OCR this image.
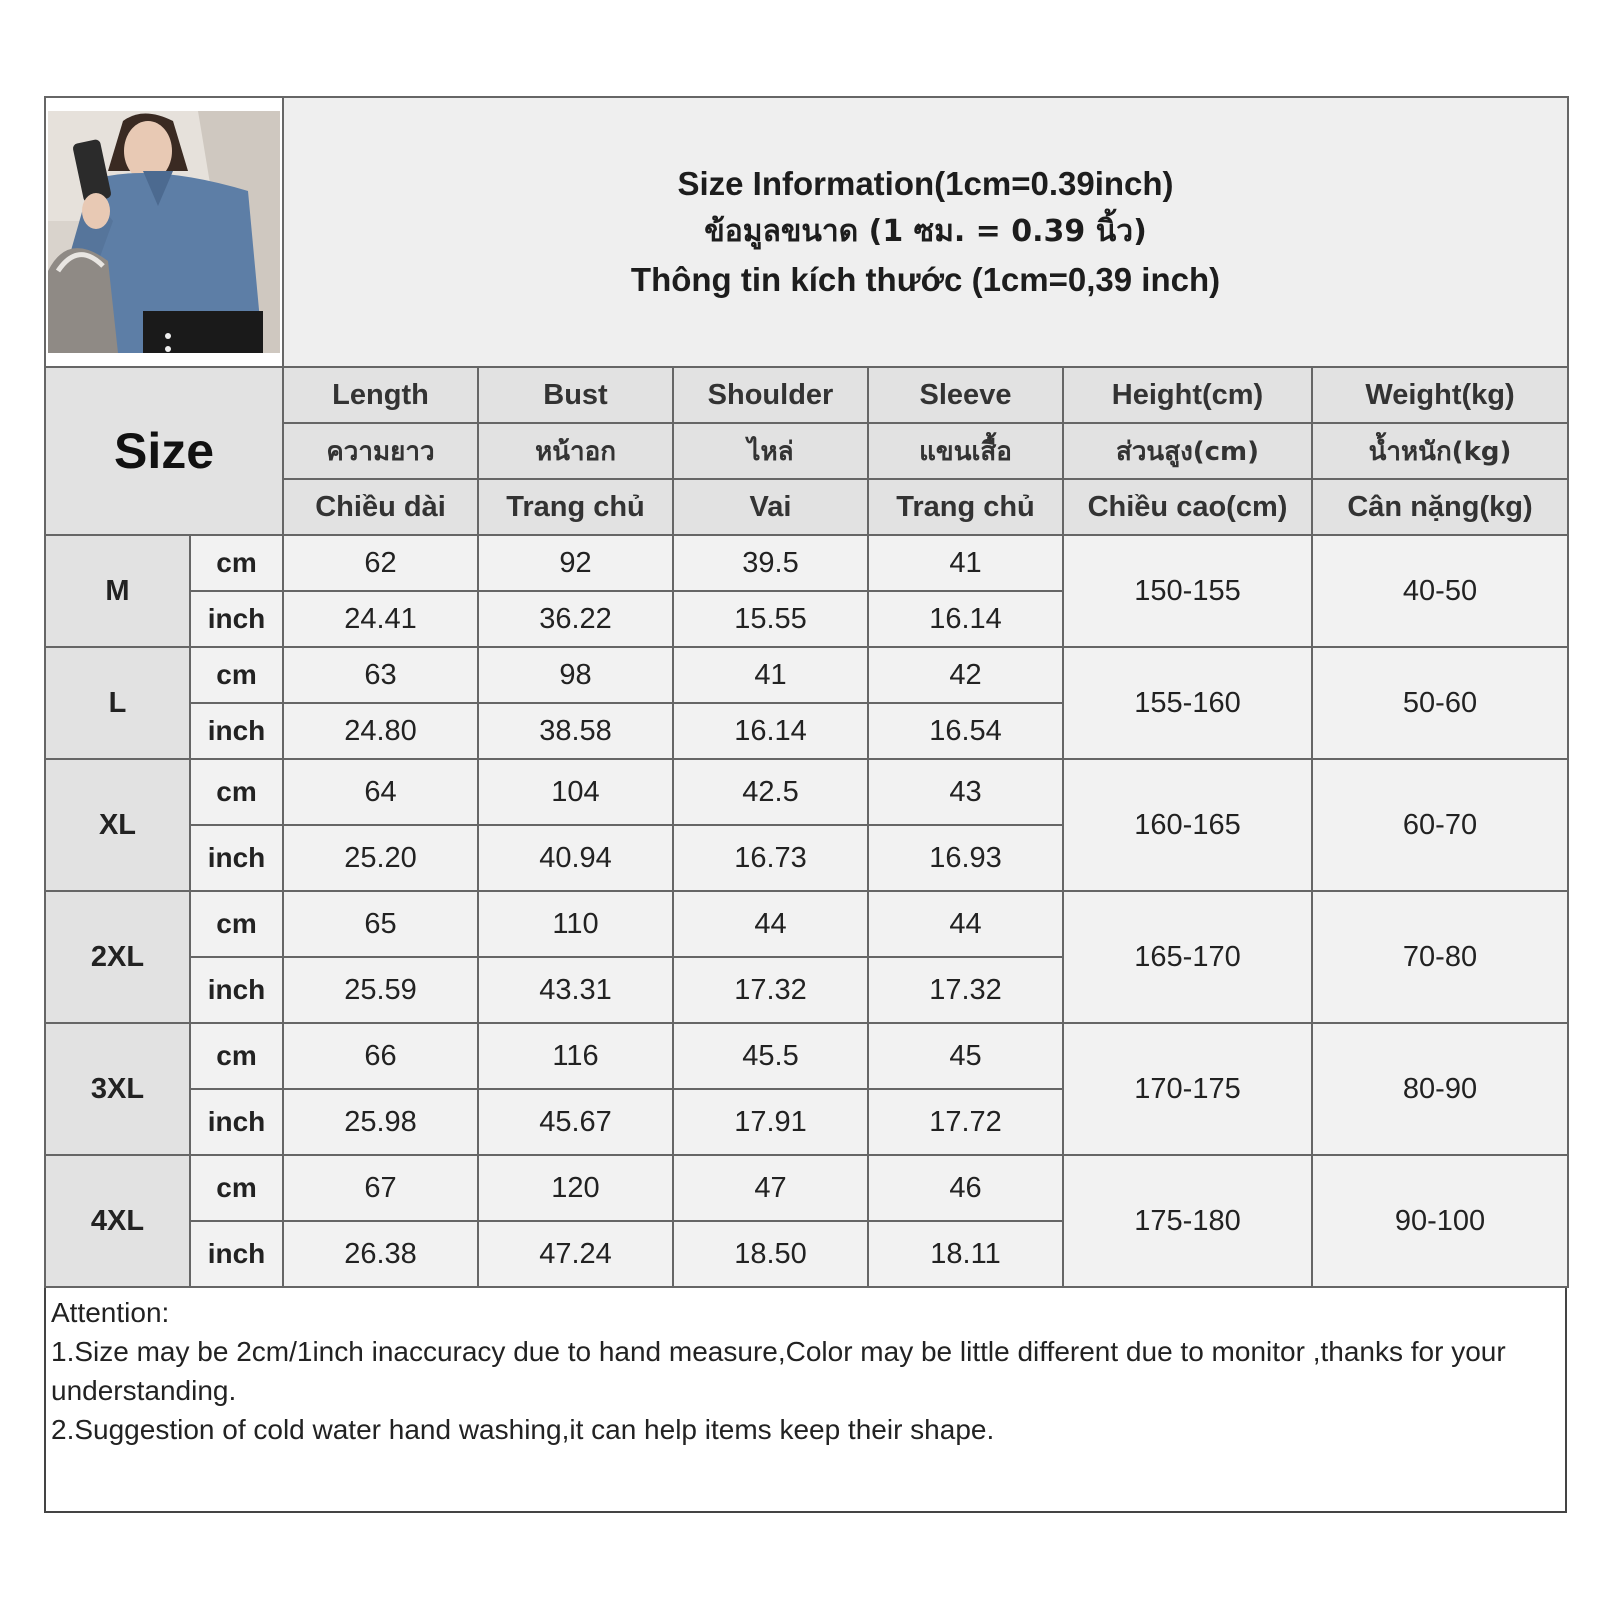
Size Information(1cm=0.39inch)
ข้อมูลขนาด (1 ซม. = 0.39 นิ้ว)
Thông tin kích thước (1cm=0,39 inch)					

Size		Length	Bust	Shoulder	Sleeve	Height(cm)	Weight(kg)
		ความยาว	หน้าอก	ไหล่	แขนเสื้อ	ส่วนสูง(cm)	น้ำหนัก(kg)
		Chiều dài	Trang chủ	Vai	Trang chủ	Chiều cao(cm)	Cân nặng(kg)
M	cm	62	92	39.5	41	150-155	40-50
	inch	24.41	36.22	15.55	16.14		
L	cm	63	98	41	42	155-160	50-60
	inch	24.80	38.58	16.14	16.54		
XL	cm	64	104	42.5	43	160-165	60-70
	inch	25.20	40.94	16.73	16.93		
2XL	cm	65	110	44	44	165-170	70-80
	inch	25.59	43.31	17.32	17.32		
3XL	cm	66	116	45.5	45	170-175	80-90
	inch	25.98	45.67	17.91	17.72		
4XL	cm	67	120	47	46	175-180	90-100
	inch	26.38	47.24	18.50	18.11		
Attention:
1.Size may be 2cm/1inch inaccuracy due to hand measure,Color may be little different due to monitor ,thanks for your understanding.
2.Suggestion of cold water hand washing,it can help items keep their shape.
